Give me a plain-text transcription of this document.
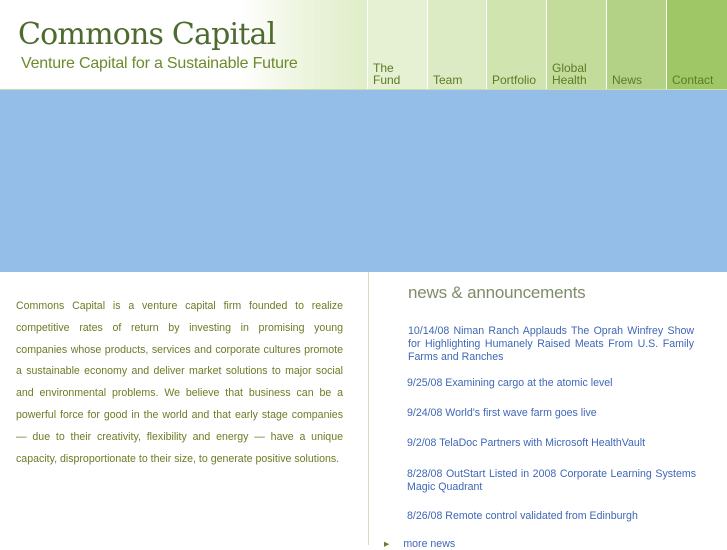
Commons Capital
Venture Capital for a Sustainable Future	The
Fund	Team Portfolio
Global
Health News Contact

Commons Capital is a venture capital firm founded to realize competitive rates of return by investing in promising young companies whose products, services and corporate cultures promote a sustainable economy and deliver market solutions to major social and environmental problems. We believe that business can be a powerful force for good in the world and that early stage companies — due to their creativity, flexibility and energy — have a unique capacity, disproportionate to their size, to generate positive solutions.

news & announcements
10/14/08 Niman Ranch Applauds The Oprah Winfrey Show for Highlighting Humanely Raised Meats From U.S. Family Farms and Ranches
9/25/08 Examining cargo at the atomic level
9/24/08 World's first wave farm goes live
9/2/08 TelaDoc Partners with Microsoft HealthVault
8/28/08 OutStart Listed in 2008 Corporate Learning Systems Magic Quadrant
8/26/08 Remote control validated from Edinburgh
▸ more news
